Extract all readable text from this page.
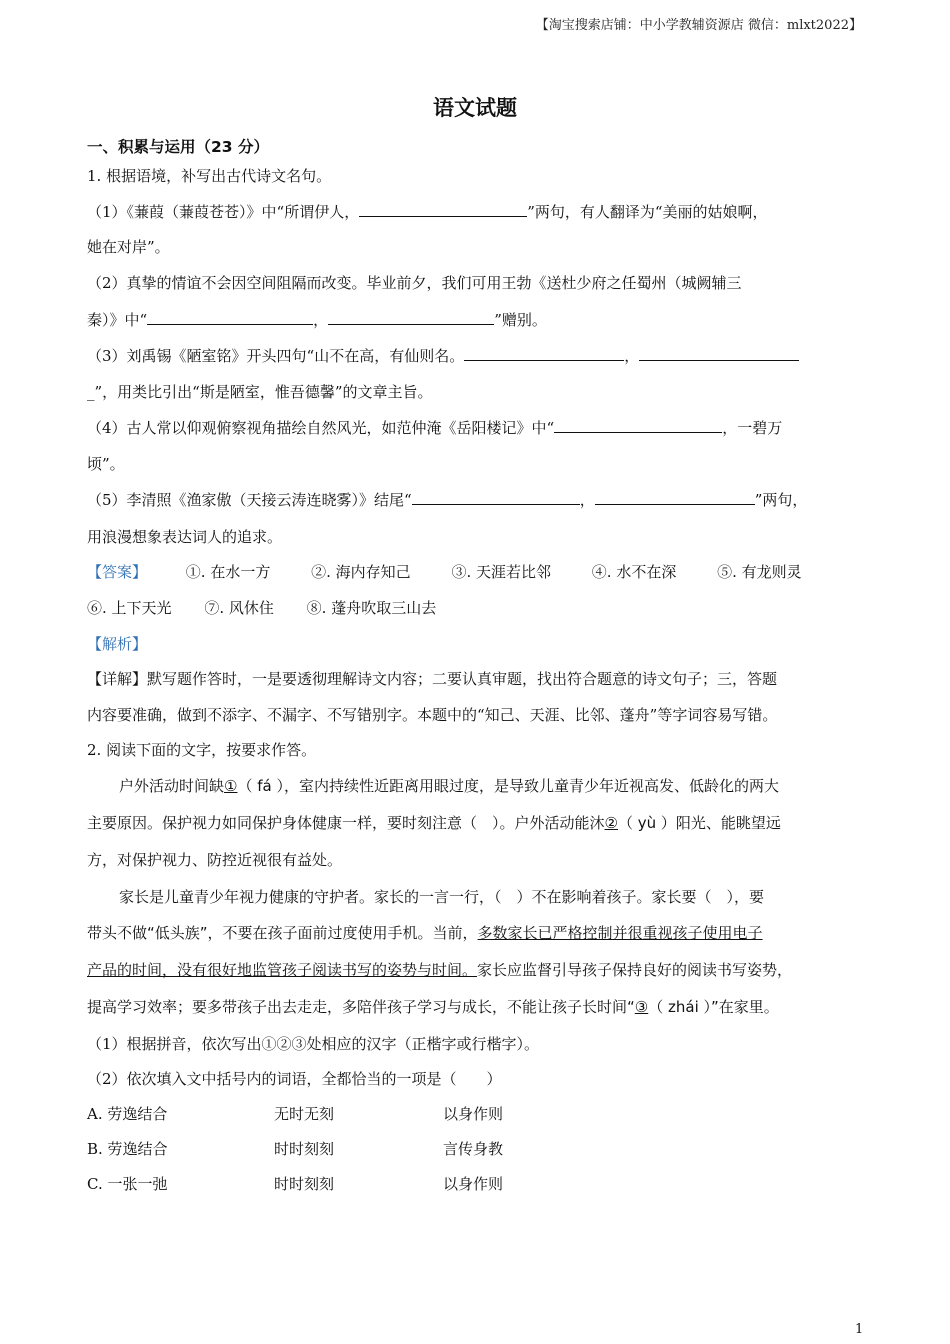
【淘宝搜索店铺：中小学教辅资源店 微信：mlxt2022】
语文试题
一、积累与运用（23 分）
1. 根据语境，补写出古代诗文名句。
（1）《蒹葭（蒹葭苍苍）》中“所谓伊人，	”两句，有人翻译为“美丽的姑娘啊，
她在对岸”。
（2）真挚的情谊不会因空间阻隔而改变。毕业前夕，我们可用王勃《送杜少府之任蜀州（城阙辅三
秦）》中“	，	”赠别。
（3）刘禹锡《陋室铭》开头四句“山不在高，有仙则名。	，
_”，用类比引出“斯是陋室，惟吾德馨”的文章主旨。
（4）古人常以仰观俯察视角描绘自然风光，如范仲淹《岳阳楼记》中“	，一碧万
顷”。
（5）李清照《渔家傲（天接云涛连晓雾）》结尾“	，	”两句，
用浪漫想象表达词人的追求。
【答案】	①. 在水一方	②. 海内存知己	③. 天涯若比邻	④. 水不在深	⑤. 有龙则灵
⑥. 上下天光 ⑦. 风休住 ⑧. 蓬舟吹取三山去
【解析】
【详解】默写题作答时，一是要透彻理解诗文内容；二要认真审题，找出符合题意的诗文句子；三，答题
内容要准确，做到不添字、不漏字、不写错别字。本题中的“知己、天涯、比邻、蓬舟”等字词容易写错。
2. 阅读下面的文字，按要求作答。
户外活动时间缺①（ fá ），室内持续性近距离用眼过度，是导致儿童青少年近视高发、低龄化的两大
主要原因。保护视力如同保护身体健康一样，要时刻注意（　）。户外活动能沐②（ yù ）阳光、能眺望远
方，对保护视力、防控近视很有益处。
家长是儿童青少年视力健康的守护者。家长的一言一行，（　）不在影响着孩子。家长要（　），要
带头不做“低头族”，不要在孩子面前过度使用手机。当前，多数家长已严格控制并很重视孩子使用电子
产品的时间，没有很好地监管孩子阅读书写的姿势与时间。家长应监督引导孩子保持良好的阅读书写姿势，
提高学习效率；要多带孩子出去走走，多陪伴孩子学习与成长，不能让孩子长时间“③（ zhái ）”在家里。
（1）根据拼音，依次写出①②③处相应的汉字（正楷字或行楷字）。
（2）依次填入文中括号内的词语，全都恰当的一项是（　　）
A. 劳逸结合	无时无刻	以身作则
B. 劳逸结合	时时刻刻	言传身教
C. 一张一弛	时时刻刻	以身作则
1
